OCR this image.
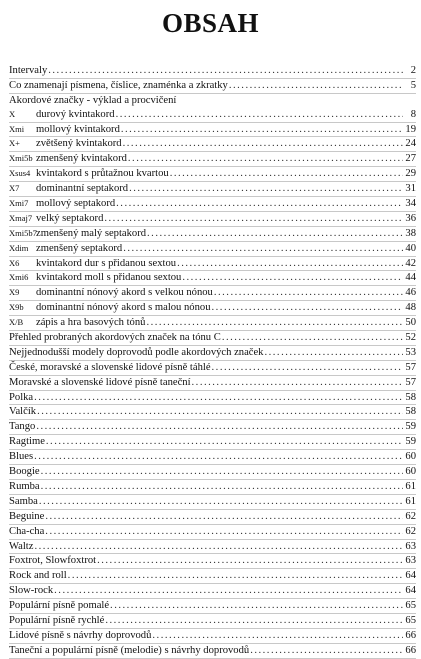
OBSAH
Intervaly .....	2
Co znamenají písmena, číslice, znaménka a zkratky .....	5
Akordové značky - výklad a procvičení
X	durový kvintakord .....	8
Xmi	mollový kvintakord .....	19
X+	zvětšený kvintakord .....	24
Xmi5b zmenšený kvintakord .....	27
Xsus4 kvintakord s průtažnou kvartou .....	29
X7	dominantní septakord .....	31
Xmi7 mollový septakord .....	34
Xmaj7 velký septakord .....	36
Xmi5b7 zmenšený malý septakord .....	38
Xdim zmenšený septakord .....	40
X6	kvintakord dur s přidanou sextou .....	42
Xmi6 kvintakord moll s přidanou sextou .....	44
X9	dominantní nónový akord s velkou nónou .....	46
X9b	dominantní nónový akord s malou nónou .....	48
X/B	zápis a hra basových tónů .....	50
Přehled probraných akordových značek na tónu C .....	52
Nejjednodušší modely doprovodů podle akordových značek .....	53
České, moravské a slovenské lidové písně táhlé .....	57
Moravské a slovenské lidové písně taneční .....	57
Polka .....	58
Valčík .....	58
Tango .....	59
Ragtime .....	59
Blues .....	60
Boogie .....	60
Rumba .....	61
Samba .....	61
Beguine .....	62
Cha-cha .....	62
Waltz .....	63
Foxtrot, Slowfoxtrot .....	63
Rock and roll .....	64
Slow-rock .....	64
Populární písně pomalé .....	65
Populární písně rychlé .....	65
Lidové písně s návrhy doprovodů .....	66
Taneční a populární písně (melodie) s návrhy doprovodů .....	66
